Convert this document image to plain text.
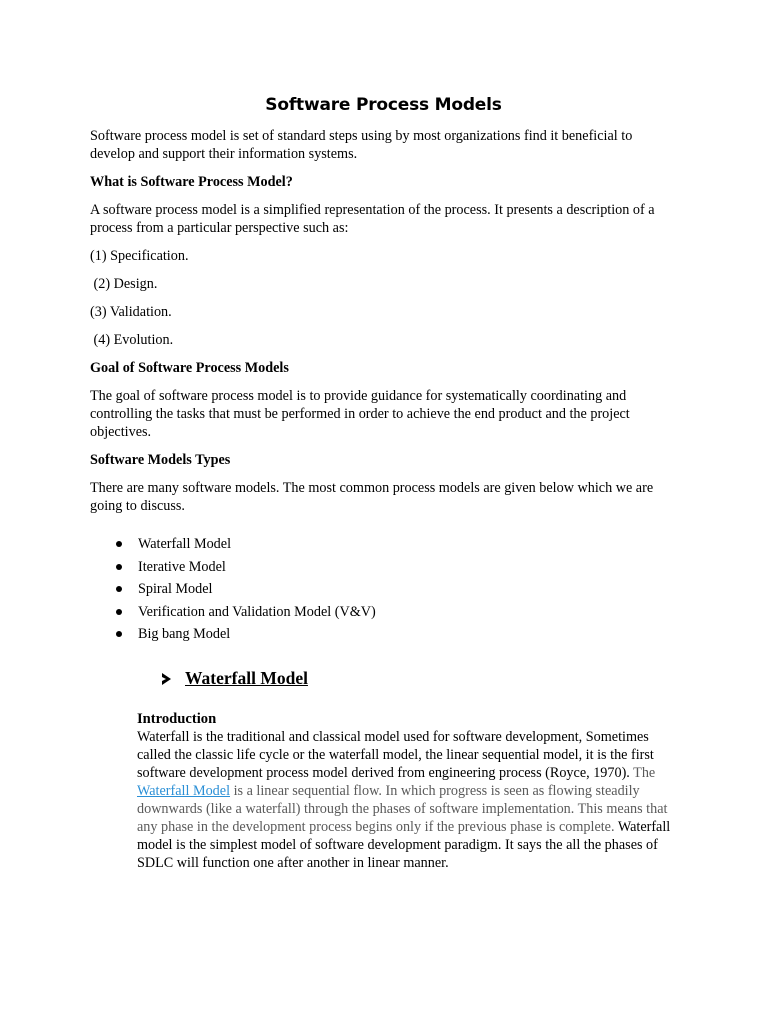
Software Process Models

Software process model is set of standard steps using by most organizations find it beneficial to develop and support their information systems.

What is Software Process Model?

A software process model is a simplified representation of the process. It presents a description of a process from a particular perspective such as:

(1) Specification.

(2) Design.

(3) Validation.

(4) Evolution.

Goal of Software Process Models

The goal of software process model is to provide guidance for systematically coordinating and controlling the tasks that must be performed in order to achieve the end product and the project objectives.

Software Models Types

There are many software models. The most common process models are given below which we are going to discuss.

Waterfall Model
Iterative Model
Spiral Model
Verification and Validation Model (V&V)
Big bang Model
Waterfall Model

Introduction

Waterfall is the traditional and classical model used for software development, Sometimes called the classic life cycle or the waterfall model, the linear sequential model, it is the first software development process model derived from engineering process (Royce, 1970). The Waterfall Model is a linear sequential flow. In which progress is seen as flowing steadily downwards (like a waterfall) through the phases of software implementation. This means that any phase in the development process begins only if the previous phase is complete. Waterfall model is the simplest model of software development paradigm. It says the all the phases of SDLC will function one after another in linear manner.
